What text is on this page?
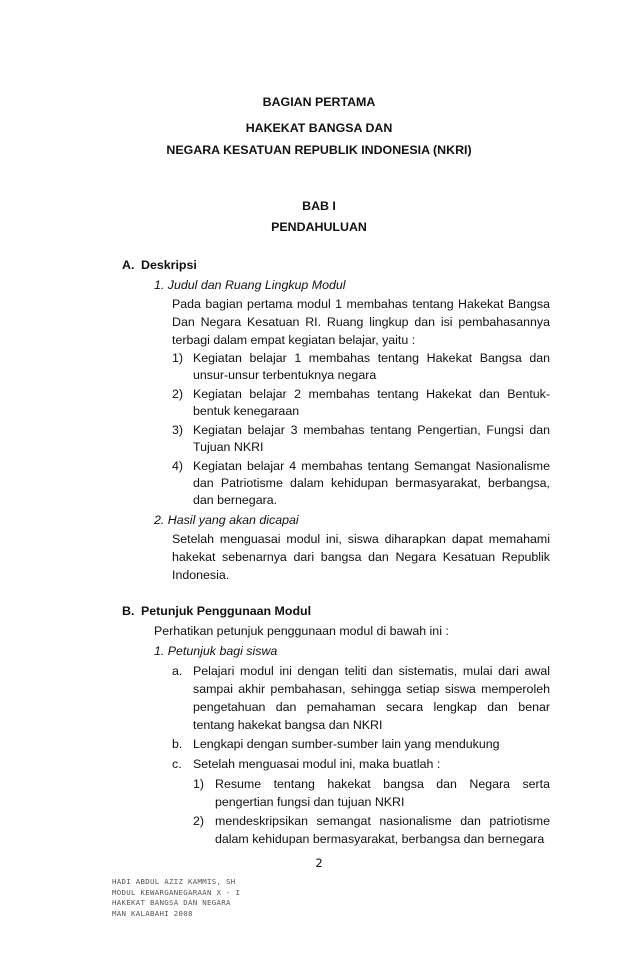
BAGIAN PERTAMA
HAKEKAT BANGSA DAN
NEGARA KESATUAN REPUBLIK INDONESIA (NKRI)
BAB I
PENDAHULUAN
A. Deskripsi
1. Judul dan Ruang Lingkup Modul
Pada bagian pertama modul 1 membahas tentang Hakekat Bangsa
Dan Negara Kesatuan RI. Ruang lingkup dan isi pembahasannya
terbagi dalam empat kegiatan belajar, yaitu :
1) Kegiatan belajar 1 membahas tentang Hakekat Bangsa dan
unsur-unsur terbentuknya negara
2) Kegiatan belajar 2 membahas tentang Hakekat dan Bentuk-
bentuk kenegaraan
3) Kegiatan belajar 3 membahas tentang Pengertian, Fungsi dan
Tujuan NKRI
4) Kegiatan belajar 4 membahas tentang Semangat Nasionalisme
dan Patriotisme dalam kehidupan bermasyarakat, berbangsa,
dan bernegara.
2. Hasil yang akan dicapai
Setelah menguasai modul ini, siswa diharapkan dapat memahami
hakekat sebenarnya dari bangsa dan Negara Kesatuan Republik
Indonesia.
B. Petunjuk Penggunaan Modul
Perhatikan petunjuk penggunaan modul di bawah ini :
1. Petunjuk bagi siswa
a. Pelajari modul ini dengan teliti dan sistematis, mulai dari awal
sampai akhir pembahasan, sehingga setiap siswa memperoleh
pengetahuan dan pemahaman secara lengkap dan benar
tentang hakekat bangsa dan NKRI
b. Lengkapi dengan sumber-sumber lain yang mendukung
c. Setelah menguasai modul ini, maka buatlah :
1) Resume tentang hakekat bangsa dan Negara serta
pengertian fungsi dan tujuan NKRI
2) mendeskripsikan semangat nasionalisme dan patriotisme
dalam kehidupan bermasyarakat, berbangsa dan bernegara
2
HADI ABDUL AZIZ KAMMIS, SH
MODUL KEWARGANEGARAAN X - I
HAKEKAT BANGSA DAN NEGARA
MAN KALABAHI 2008
